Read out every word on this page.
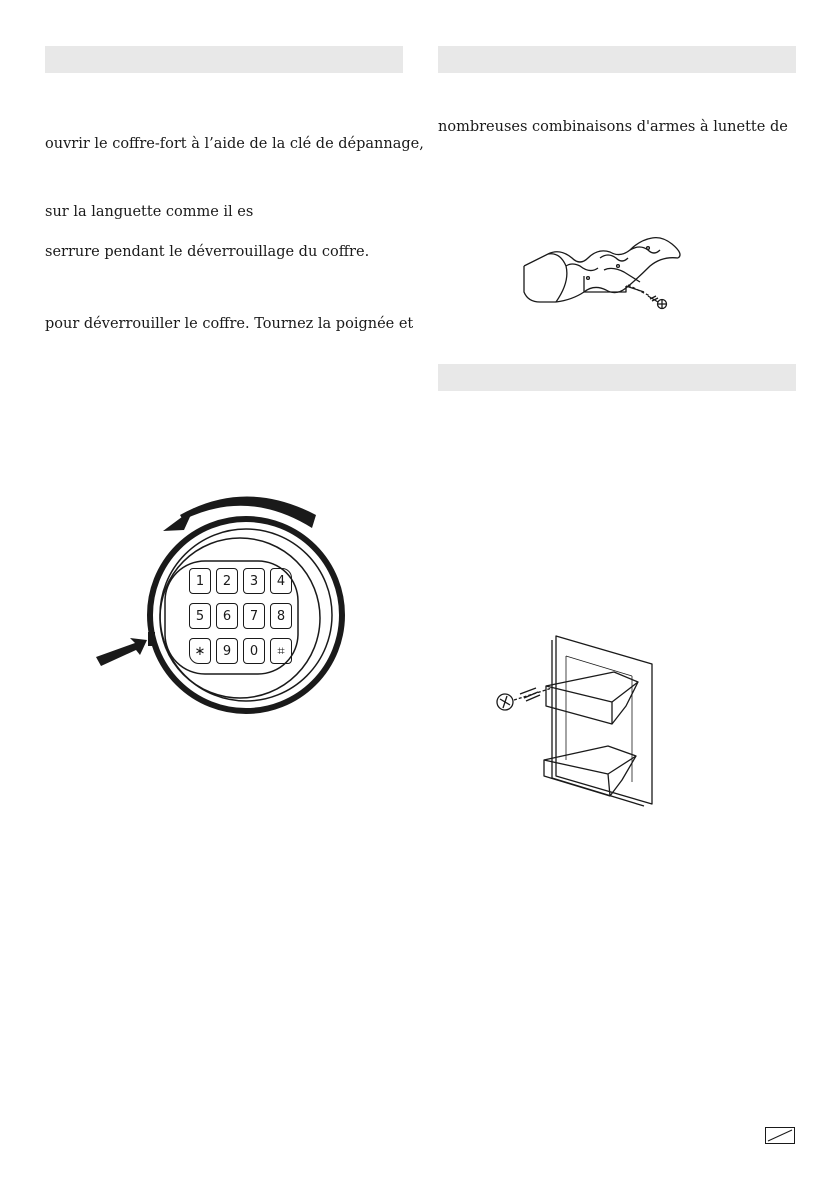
ouvrir le coffre-fort à l’aide de la clé de dépannage,
sur la languette comme il es
serrure pendant le déverrouillage du coffre.
pour déverrouiller le coffre. Tournez la poignée et
nombreuses combinaisons d'armes à lunette de
1 2 3 4
5 6 7 8
∗ 9 0 ⌗
